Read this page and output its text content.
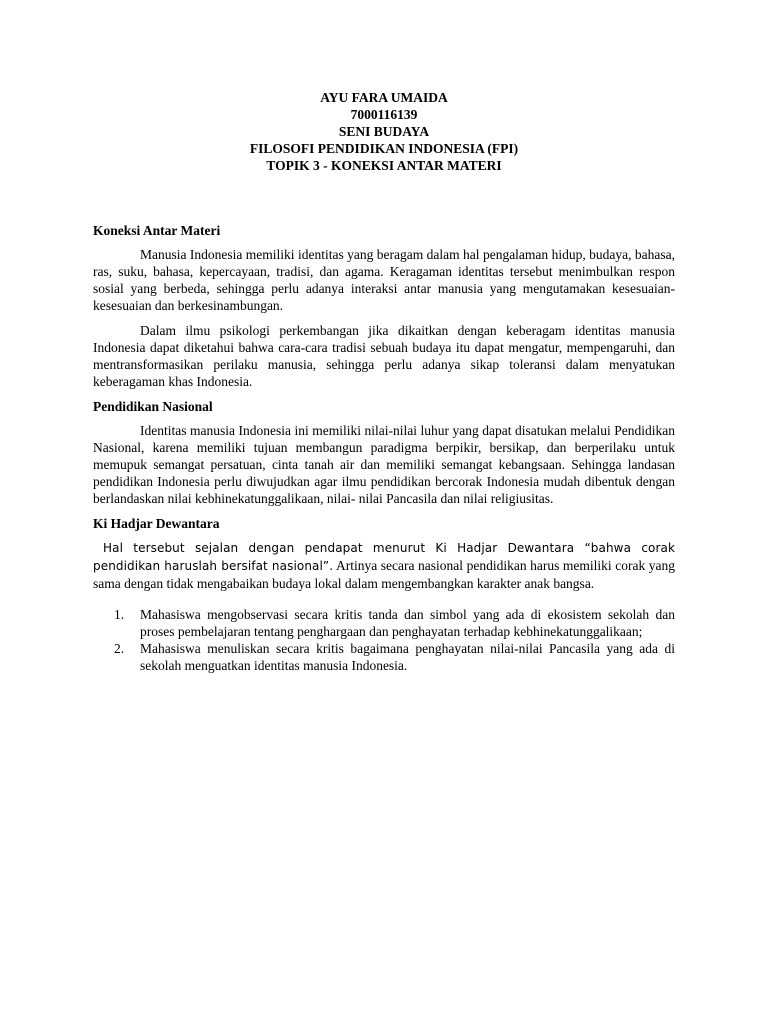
AYU FARA UMAIDA
7000116139
SENI BUDAYA
FILOSOFI PENDIDIKAN INDONESIA (FPI)
TOPIK 3 - KONEKSI ANTAR MATERI
Koneksi Antar Materi

Manusia Indonesia memiliki identitas yang beragam dalam hal pengalaman hidup, budaya, bahasa, ras, suku, bahasa, kepercayaan, tradisi, dan agama. Keragaman identitas tersebut menimbulkan respon sosial yang berbeda, sehingga perlu adanya interaksi antar manusia yang mengutamakan kesesuaian- kesesuaian dan berkesinambungan.

Dalam ilmu psikologi perkembangan jika dikaitkan dengan keberagam identitas manusia Indonesia dapat diketahui bahwa cara-cara tradisi sebuah budaya itu dapat mengatur, mempengaruhi, dan mentransformasikan perilaku manusia, sehingga perlu adanya sikap toleransi dalam menyatukan keberagaman khas Indonesia.

Pendidikan Nasional

Identitas manusia Indonesia ini memiliki nilai-nilai luhur yang dapat disatukan melalui Pendidikan Nasional, karena memiliki tujuan membangun paradigma berpikir, bersikap, dan berperilaku untuk memupuk semangat persatuan, cinta tanah air dan memiliki semangat kebangsaan. Sehingga landasan pendidikan Indonesia perlu diwujudkan agar ilmu pendidikan bercorak Indonesia mudah dibentuk dengan berlandaskan nilai kebhinekatunggalikaan, nilai- nilai Pancasila dan nilai religiusitas.

Ki Hadjar Dewantara

Hal tersebut sejalan dengan pendapat menurut Ki Hadjar Dewantara “bahwa corak pendidikan haruslah bersifat nasional”. Artinya secara nasional pendidikan harus memiliki corak yang sama dengan tidak mengabaikan budaya lokal dalam mengembangkan karakter anak bangsa.

1. Mahasiswa mengobservasi secara kritis tanda dan simbol yang ada di ekosistem sekolah dan proses pembelajaran tentang penghargaan dan penghayatan terhadap kebhinekatunggalikaan;
2. Mahasiswa menuliskan secara kritis bagaimana penghayatan nilai-nilai Pancasila yang ada di sekolah menguatkan identitas manusia Indonesia.
